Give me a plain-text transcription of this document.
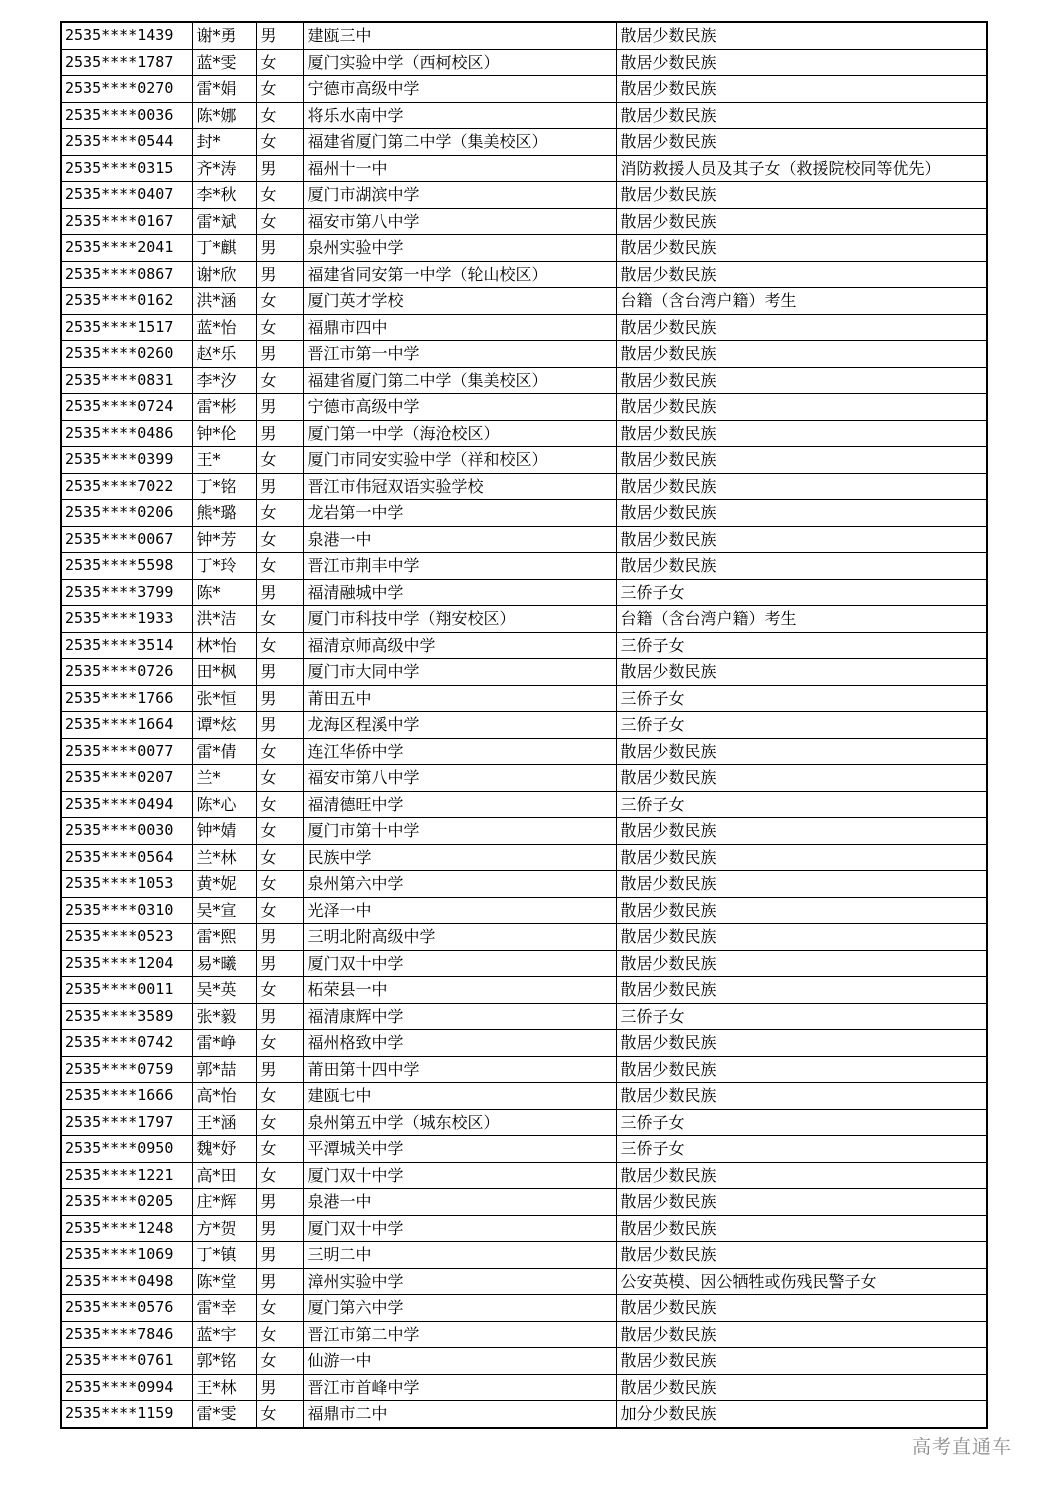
2535****1439	谢*勇	男	建瓯三中	散居少数民族
2535****1787	蓝*雯	女	厦门实验中学（西柯校区）	散居少数民族
2535****0270	雷*娟	女	宁德市高级中学	散居少数民族
2535****0036	陈*娜	女	将乐水南中学	散居少数民族
2535****0544	封*	女	福建省厦门第二中学（集美校区）	散居少数民族
2535****0315	齐*涛	男	福州十一中	消防救援人员及其子女（救援院校同等优先）
2535****0407	李*秋	女	厦门市湖滨中学	散居少数民族
2535****0167	雷*斌	女	福安市第八中学	散居少数民族
2535****2041	丁*麒	男	泉州实验中学	散居少数民族
2535****0867	谢*欣	男	福建省同安第一中学（轮山校区）	散居少数民族
2535****0162	洪*涵	女	厦门英才学校	台籍（含台湾户籍）考生
2535****1517	蓝*怡	女	福鼎市四中	散居少数民族
2535****0260	赵*乐	男	晋江市第一中学	散居少数民族
2535****0831	李*汐	女	福建省厦门第二中学（集美校区）	散居少数民族
2535****0724	雷*彬	男	宁德市高级中学	散居少数民族
2535****0486	钟*伦	男	厦门第一中学（海沧校区）	散居少数民族
2535****0399	王*	女	厦门市同安实验中学（祥和校区）	散居少数民族
2535****7022	丁*铭	男	晋江市伟冠双语实验学校	散居少数民族
2535****0206	熊*璐	女	龙岩第一中学	散居少数民族
2535****0067	钟*芳	女	泉港一中	散居少数民族
2535****5598	丁*玲	女	晋江市荆丰中学	散居少数民族
2535****3799	陈*	男	福清融城中学	三侨子女
2535****1933	洪*洁	女	厦门市科技中学（翔安校区）	台籍（含台湾户籍）考生
2535****3514	林*怡	女	福清京师高级中学	三侨子女
2535****0726	田*枫	男	厦门市大同中学	散居少数民族
2535****1766	张*恒	男	莆田五中	三侨子女
2535****1664	谭*炫	男	龙海区程溪中学	三侨子女
2535****0077	雷*倩	女	连江华侨中学	散居少数民族
2535****0207	兰*	女	福安市第八中学	散居少数民族
2535****0494	陈*心	女	福清德旺中学	三侨子女
2535****0030	钟*婧	女	厦门市第十中学	散居少数民族
2535****0564	兰*林	女	民族中学	散居少数民族
2535****1053	黄*妮	女	泉州第六中学	散居少数民族
2535****0310	吴*宣	女	光泽一中	散居少数民族
2535****0523	雷*熙	男	三明北附高级中学	散居少数民族
2535****1204	易*曦	男	厦门双十中学	散居少数民族
2535****0011	吴*英	女	柘荣县一中	散居少数民族
2535****3589	张*毅	男	福清康辉中学	三侨子女
2535****0742	雷*峥	女	福州格致中学	散居少数民族
2535****0759	郭*喆	男	莆田第十四中学	散居少数民族
2535****1666	高*怡	女	建瓯七中	散居少数民族
2535****1797	王*涵	女	泉州第五中学（城东校区）	三侨子女
2535****0950	魏*妤	女	平潭城关中学	三侨子女
2535****1221	高*田	女	厦门双十中学	散居少数民族
2535****0205	庄*辉	男	泉港一中	散居少数民族
2535****1248	方*贺	男	厦门双十中学	散居少数民族
2535****1069	丁*镇	男	三明二中	散居少数民族
2535****0498	陈*堂	男	漳州实验中学	公安英模、因公牺牲或伤残民警子女
2535****0576	雷*幸	女	厦门第六中学	散居少数民族
2535****7846	蓝*宇	女	晋江市第二中学	散居少数民族
2535****0761	郭*铭	女	仙游一中	散居少数民族
2535****0994	王*林	男	晋江市首峰中学	散居少数民族
2535****1159	雷*雯	女	福鼎市二中	加分少数民族
高考直通车
